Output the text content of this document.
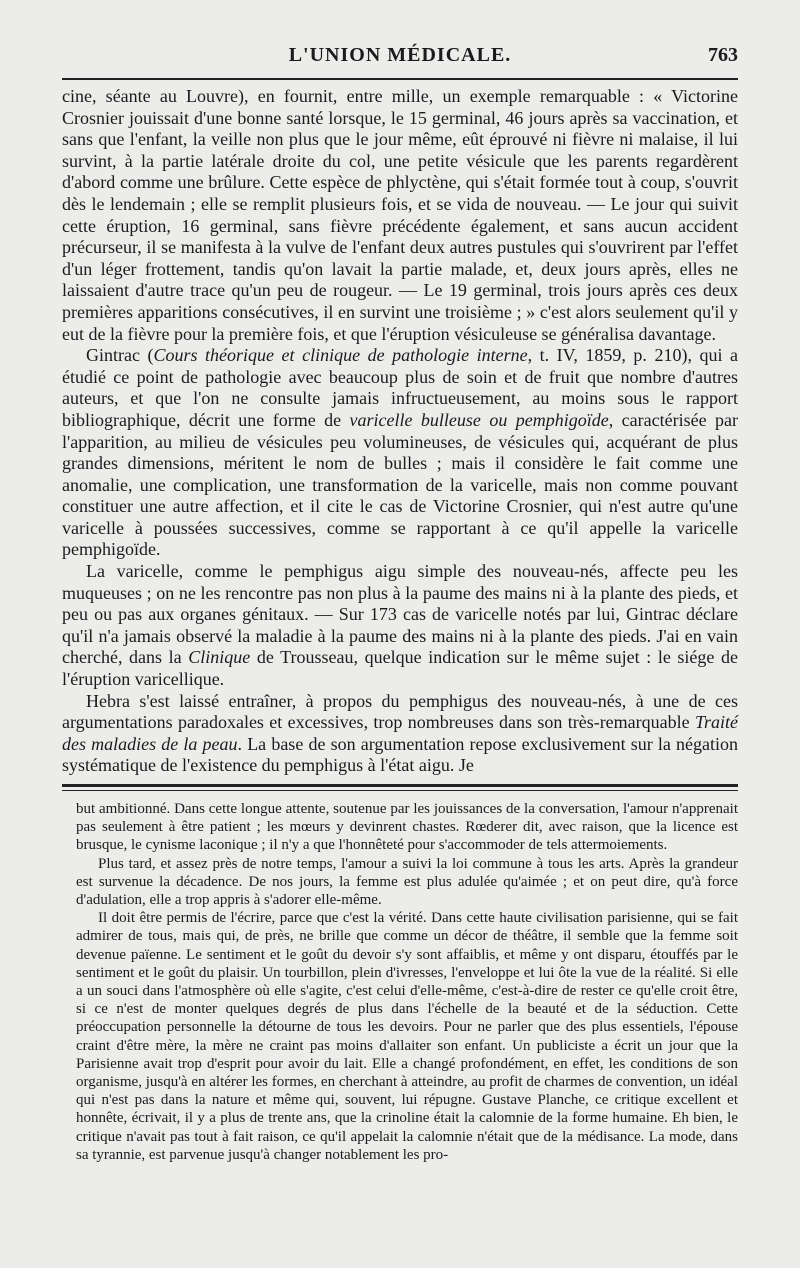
L'UNION MÉDICALE.	763

cine, séante au Louvre), en fournit, entre mille, un exemple remarquable : « Victorine Crosnier jouissait d'une bonne santé lorsque, le 15 germinal, 46 jours après sa vaccination, et sans que l'enfant, la veille non plus que le jour même, eût éprouvé ni fièvre ni malaise, il lui survint, à la partie latérale droite du col, une petite vésicule que les parents regardèrent d'abord comme une brûlure. Cette espèce de phlyctène, qui s'était formée tout à coup, s'ouvrit dès le lendemain ; elle se remplit plusieurs fois, et se vida de nouveau. — Le jour qui suivit cette éruption, 16 germinal, sans fièvre précédente également, et sans aucun accident précurseur, il se manifesta à la vulve de l'enfant deux autres pustules qui s'ouvrirent par l'effet d'un léger frottement, tandis qu'on lavait la partie malade, et, deux jours après, elles ne laissaient d'autre trace qu'un peu de rougeur. — Le 19 germinal, trois jours après ces deux premières apparitions consécutives, il en survint une troisième ; » c'est alors seulement qu'il y eut de la fièvre pour la première fois, et que l'éruption vésiculeuse se généralisa davantage.

Gintrac (Cours théorique et clinique de pathologie interne, t. IV, 1859, p. 210), qui a étudié ce point de pathologie avec beaucoup plus de soin et de fruit que nombre d'autres auteurs, et que l'on ne consulte jamais infructueusement, au moins sous le rapport bibliographique, décrit une forme de varicelle bulleuse ou pemphigoïde, caractérisée par l'apparition, au milieu de vésicules peu volumineuses, de vésicules qui, acquérant de plus grandes dimensions, méritent le nom de bulles ; mais il considère le fait comme une anomalie, une complication, une transformation de la varicelle, mais non comme pouvant constituer une autre affection, et il cite le cas de Victorine Crosnier, qui n'est autre qu'une varicelle à poussées successives, comme se rapportant à ce qu'il appelle la varicelle pemphigoïde.

La varicelle, comme le pemphigus aigu simple des nouveau-nés, affecte peu les muqueuses ; on ne les rencontre pas non plus à la paume des mains ni à la plante des pieds, et peu ou pas aux organes génitaux. — Sur 173 cas de varicelle notés par lui, Gintrac déclare qu'il n'a jamais observé la maladie à la paume des mains ni à la plante des pieds. J'ai en vain cherché, dans la Clinique de Trousseau, quelque indication sur le même sujet : le siége de l'éruption varicellique.

Hebra s'est laissé entraîner, à propos du pemphigus des nouveau-nés, à une de ces argumentations paradoxales et excessives, trop nombreuses dans son très-remarquable Traité des maladies de la peau. La base de son argumentation repose exclusivement sur la négation systématique de l'existence du pemphigus à l'état aigu. Je

but ambitionné. Dans cette longue attente, soutenue par les jouissances de la conversation, l'amour n'apprenait pas seulement à être patient ; les mœurs y devinrent chastes. Rœderer dit, avec raison, que la licence est brusque, le cynisme laconique ; il n'y a que l'honnêteté pour s'accommoder de tels attermoiements.

Plus tard, et assez près de notre temps, l'amour a suivi la loi commune à tous les arts. Après la grandeur est survenue la décadence. De nos jours, la femme est plus adulée qu'aimée ; et on peut dire, qu'à force d'adulation, elle a trop appris à s'adorer elle-même.

Il doit être permis de l'écrire, parce que c'est la vérité. Dans cette haute civilisation parisienne, qui se fait admirer de tous, mais qui, de près, ne brille que comme un décor de théâtre, il semble que la femme soit devenue païenne. Le sentiment et le goût du devoir s'y sont affaiblis, et même y ont disparu, étouffés par le sentiment et le goût du plaisir. Un tourbillon, plein d'ivresses, l'enveloppe et lui ôte la vue de la réalité. Si elle a un souci dans l'atmosphère où elle s'agite, c'est celui d'elle-même, c'est-à-dire de rester ce qu'elle croit être, si ce n'est de monter quelques degrés de plus dans l'échelle de la beauté et de la séduction. Cette préoccupation personnelle la détourne de tous les devoirs. Pour ne parler que des plus essentiels, l'épouse craint d'être mère, la mère ne craint pas moins d'allaiter son enfant. Un publiciste a écrit un jour que la Parisienne avait trop d'esprit pour avoir du lait. Elle a changé profondément, en effet, les conditions de son organisme, jusqu'à en altérer les formes, en cherchant à atteindre, au profit de charmes de convention, un idéal qui n'est pas dans la nature et même qui, souvent, lui répugne. Gustave Planche, ce critique excellent et honnête, écrivait, il y a plus de trente ans, que la crinoline était la calomnie de la forme humaine. Eh bien, le critique n'avait pas tout à fait raison, ce qu'il appelait la calomnie n'était que de la médisance. La mode, dans sa tyrannie, est parvenue jusqu'à changer notablement les pro-
